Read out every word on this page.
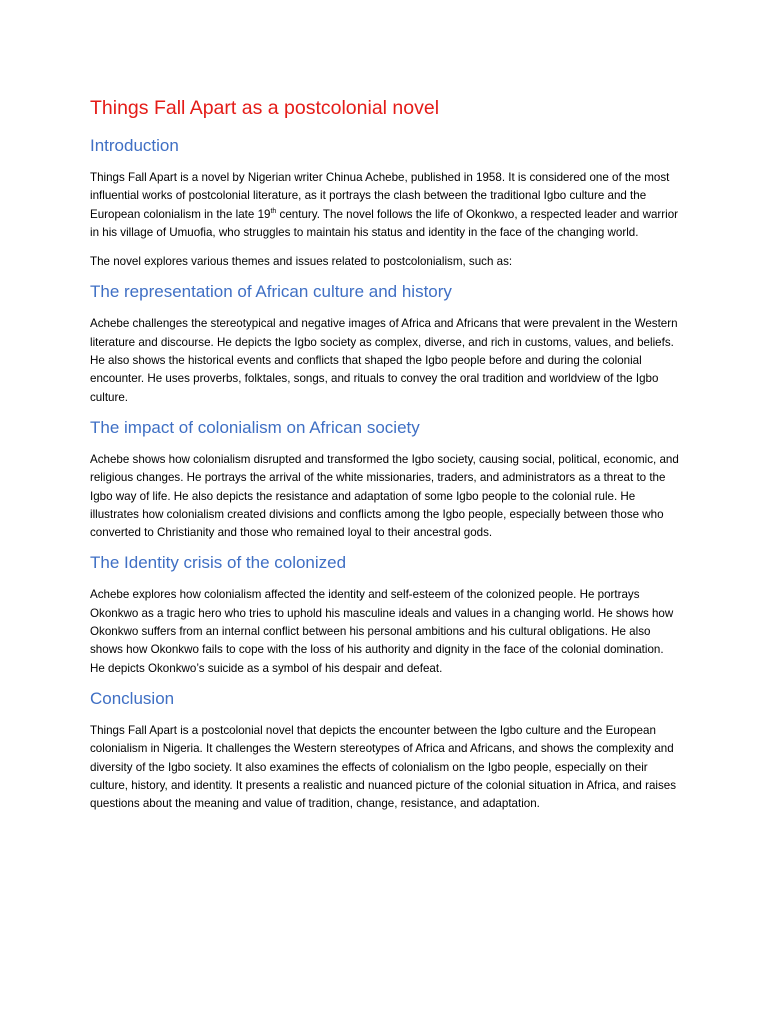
Things Fall Apart as a postcolonial novel
Introduction

Things Fall Apart is a novel by Nigerian writer Chinua Achebe, published in 1958. It is considered one of the most influential works of postcolonial literature, as it portrays the clash between the traditional Igbo culture and the European colonialism in the late 19th century. The novel follows the life of Okonkwo, a respected leader and warrior in his village of Umuofia, who struggles to maintain his status and identity in the face of the changing world.

The novel explores various themes and issues related to postcolonialism, such as:

The representation of African culture and history

Achebe challenges the stereotypical and negative images of Africa and Africans that were prevalent in the Western literature and discourse. He depicts the Igbo society as complex, diverse, and rich in customs, values, and beliefs. He also shows the historical events and conflicts that shaped the Igbo people before and during the colonial encounter. He uses proverbs, folktales, songs, and rituals to convey the oral tradition and worldview of the Igbo culture.

The impact of colonialism on African society

Achebe shows how colonialism disrupted and transformed the Igbo society, causing social, political, economic, and religious changes. He portrays the arrival of the white missionaries, traders, and administrators as a threat to the Igbo way of life. He also depicts the resistance and adaptation of some Igbo people to the colonial rule. He illustrates how colonialism created divisions and conflicts among the Igbo people, especially between those who converted to Christianity and those who remained loyal to their ancestral gods.

The Identity crisis of the colonized

Achebe explores how colonialism affected the identity and self-esteem of the colonized people. He portrays Okonkwo as a tragic hero who tries to uphold his masculine ideals and values in a changing world. He shows how Okonkwo suffers from an internal conflict between his personal ambitions and his cultural obligations. He also shows how Okonkwo fails to cope with the loss of his authority and dignity in the face of the colonial domination. He depicts Okonkwo’s suicide as a symbol of his despair and defeat.

Conclusion

Things Fall Apart is a postcolonial novel that depicts the encounter between the Igbo culture and the European colonialism in Nigeria. It challenges the Western stereotypes of Africa and Africans, and shows the complexity and diversity of the Igbo society. It also examines the effects of colonialism on the Igbo people, especially on their culture, history, and identity. It presents a realistic and nuanced picture of the colonial situation in Africa, and raises questions about the meaning and value of tradition, change, resistance, and adaptation.
